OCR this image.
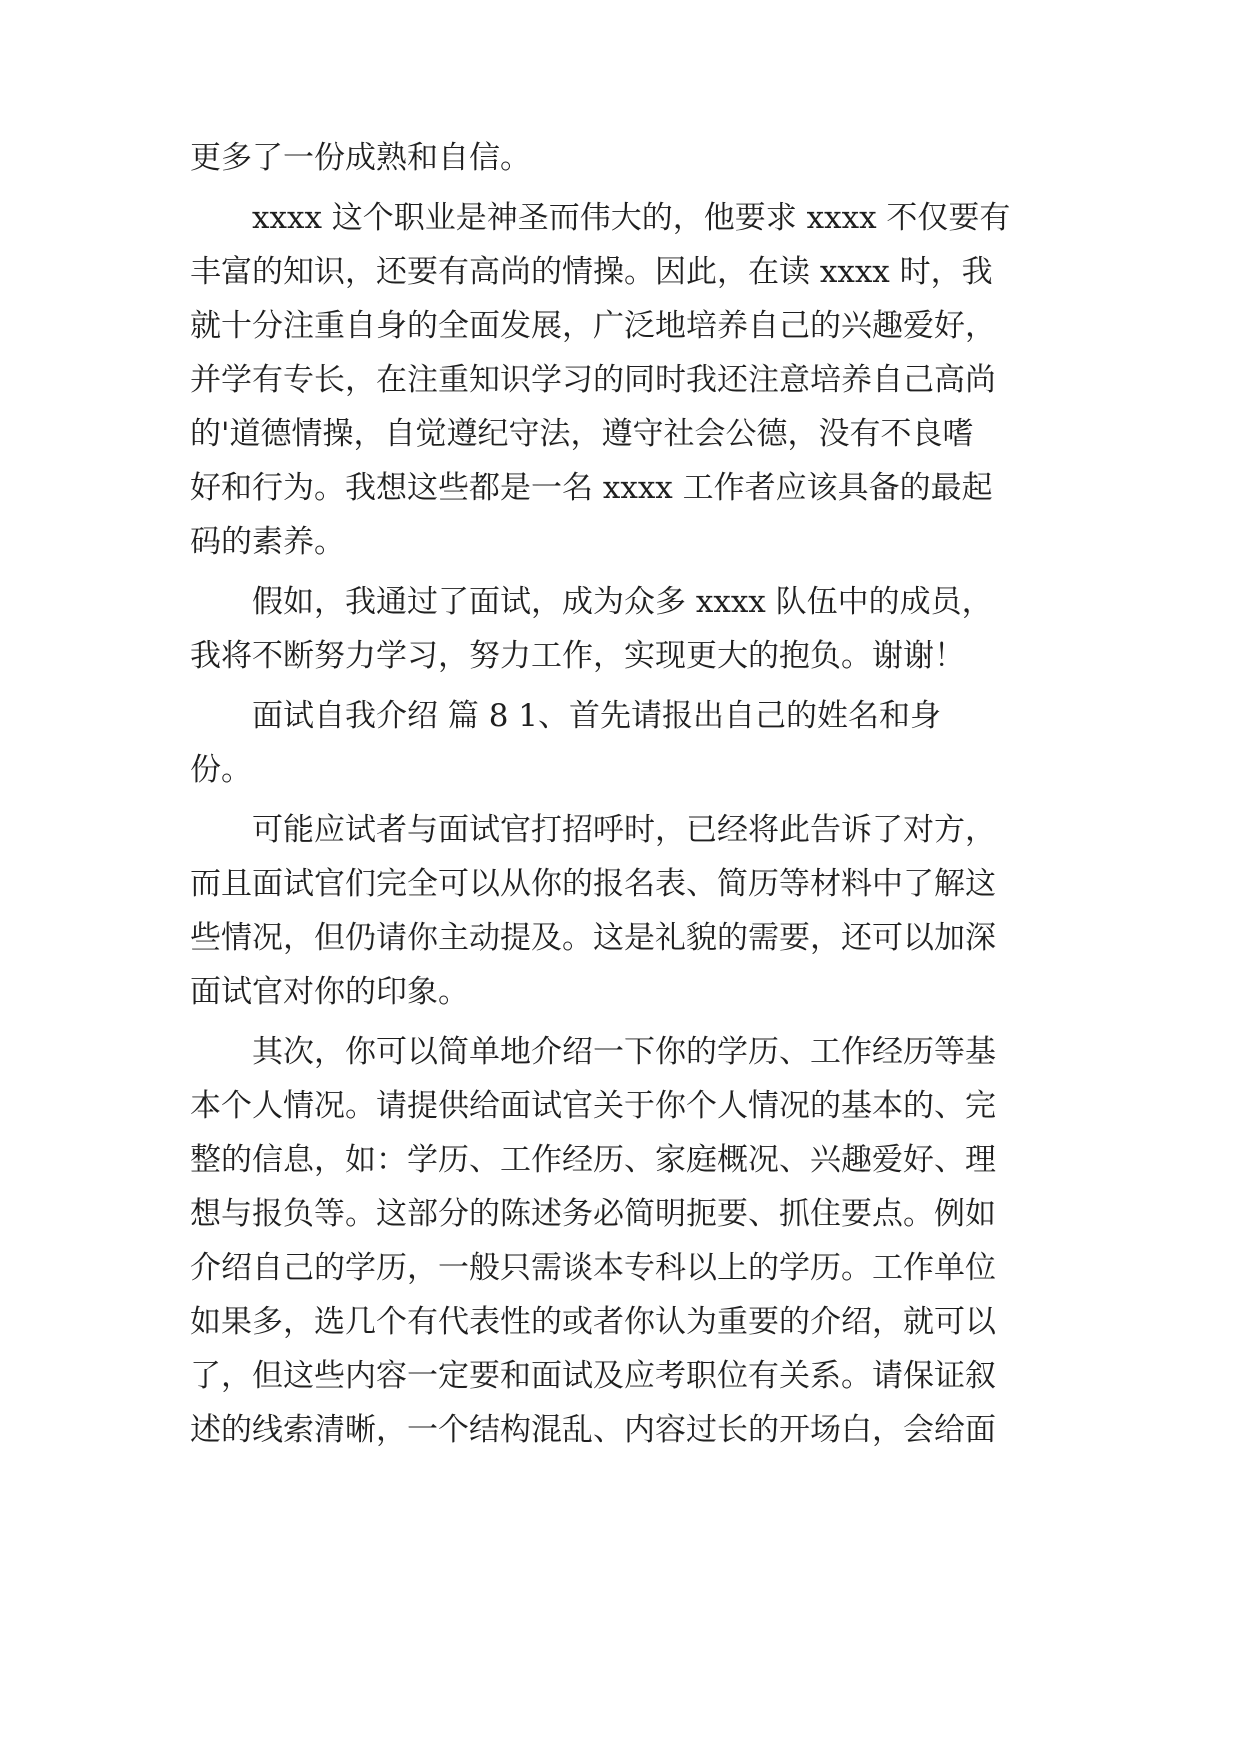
更多了一份成熟和自信。
xxxx 这个职业是神圣而伟大的，他要求 xxxx 不仅要有
丰富的知识，还要有高尚的情操。因此，在读 xxxx 时，我
就十分注重自身的全面发展，广泛地培养自己的兴趣爱好，
并学有专长，在注重知识学习的同时我还注意培养自己高尚
的'道德情操，自觉遵纪守法，遵守社会公德，没有不良嗜
好和行为。我想这些都是一名 xxxx 工作者应该具备的最起
码的素养。
假如，我通过了面试，成为众多 xxxx 队伍中的成员，
我将不断努力学习，努力工作，实现更大的抱负。谢谢！
面试自我介绍 篇 8 1、首先请报出自己的姓名和身
份。
可能应试者与面试官打招呼时，已经将此告诉了对方，
而且面试官们完全可以从你的报名表、简历等材料中了解这
些情况，但仍请你主动提及。这是礼貌的需要，还可以加深
面试官对你的印象。
其次，你可以简单地介绍一下你的学历、工作经历等基
本个人情况。请提供给面试官关于你个人情况的基本的、完
整的信息，如：学历、工作经历、家庭概况、兴趣爱好、理
想与报负等。这部分的陈述务必简明扼要、抓住要点。例如
介绍自己的学历，一般只需谈本专科以上的学历。工作单位
如果多，选几个有代表性的或者你认为重要的介绍，就可以
了，但这些内容一定要和面试及应考职位有关系。请保证叙
述的线索清晰，一个结构混乱、内容过长的开场白，会给面
